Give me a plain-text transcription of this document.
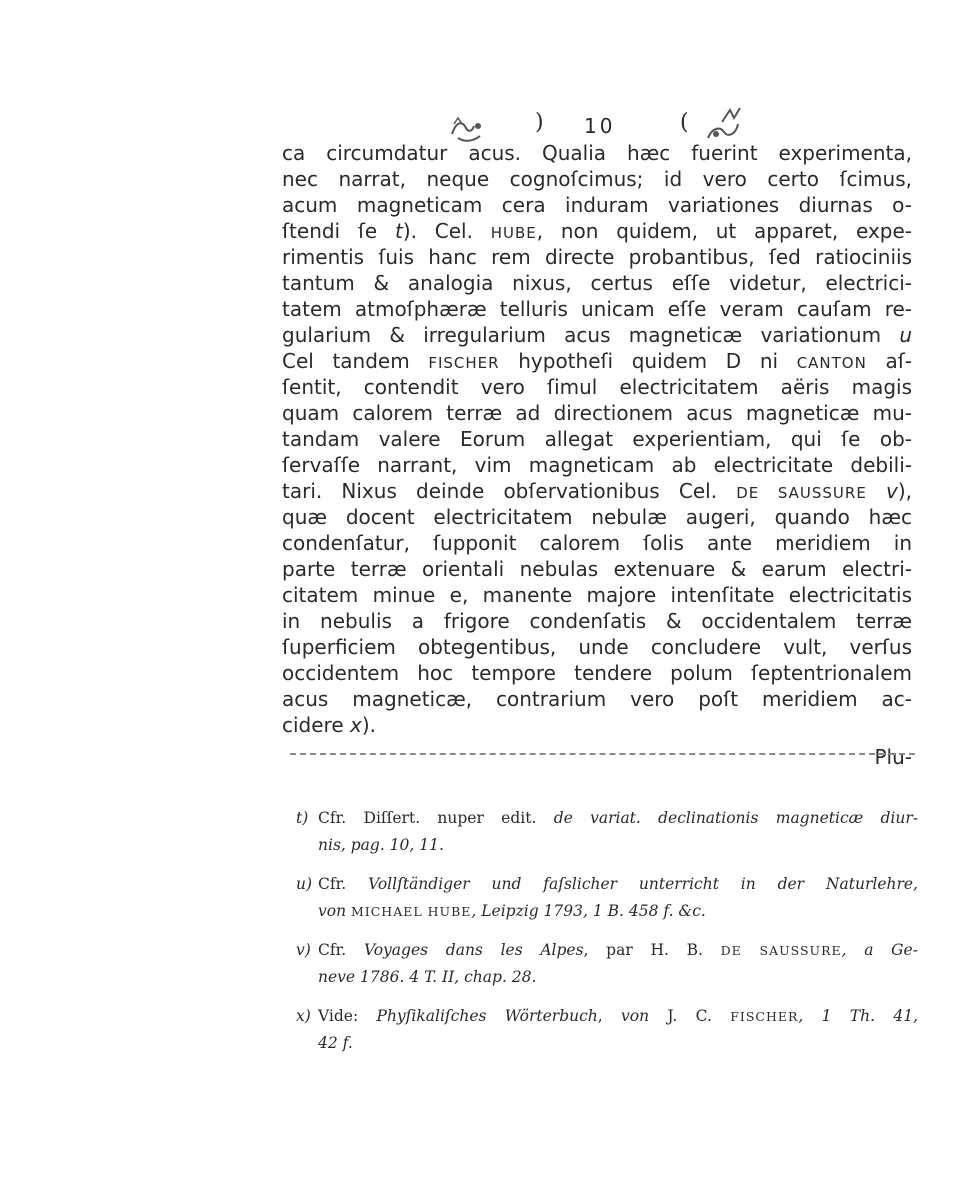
) 10	(
ca circumdatur acus. Qualia hæc fuerint experimenta,
nec narrat, neque cognoſcimus; id vero certo ſcimus,
acum magneticam cera induram variationes diurnas o-
ſtendi ſe t). Cel. HUBE, non quidem, ut apparet, expe-
rimentis ſuis hanc rem directe probantibus, ſed ratiociniis
tantum & analogia nixus, certus eſſe videtur, electrici-
tatem atmoſphæræ telluris unicam eſſe veram cauſam re-
gularium & irregularium acus magneticæ variationum u
Cel tandem FISCHER hypotheſi quidem D ni CANTON aſ-
ſentit, contendit vero ſimul electricitatem aëris magis
quam calorem terræ ad directionem acus magneticæ mu-
tandam valere Eorum allegat experientiam, qui ſe ob-
ſervaſſe narrant, vim magneticam ab electricitate debili-
tari. Nixus deinde obſervationibus Cel. DE SAUSSURE v),
quæ docent electricitatem nebulæ augeri, quando hæc
condenſatur, ſupponit calorem ſolis ante meridiem in
parte terræ orientali nebulas extenuare & earum electri-
citatem minue e, manente majore intenſitate electricitatis
in nebulis a frigore condenſatis & occidentalem terræ
ſuperficiem obtegentibus, unde concludere vult, verſus
occidentem hoc tempore tendere polum ſeptentrionalem
acus magneticæ, contrarium vero poſt meridiem ac-
cidere x).
Plu-
t) Cfr. Diſſert. nuper edit. de variat. declinationis magneticæ diur-
nis, pag. 10, 11.
u) Cfr. Vollſtändiger und faſslicher unterricht in der Naturlehre,
von MICHAEL HUBE, Leipzig 1793, 1 B. 458 f. &c.
v) Cfr. Voyages dans les Alpes, par H. B. DE SAUSSURE, a Ge-
neve 1786. 4 T. II, chap. 28.
x) Vide: Phyſikaliſches Wörterbuch, von J. C. FISCHER, 1 Th. 41,
42 f.
